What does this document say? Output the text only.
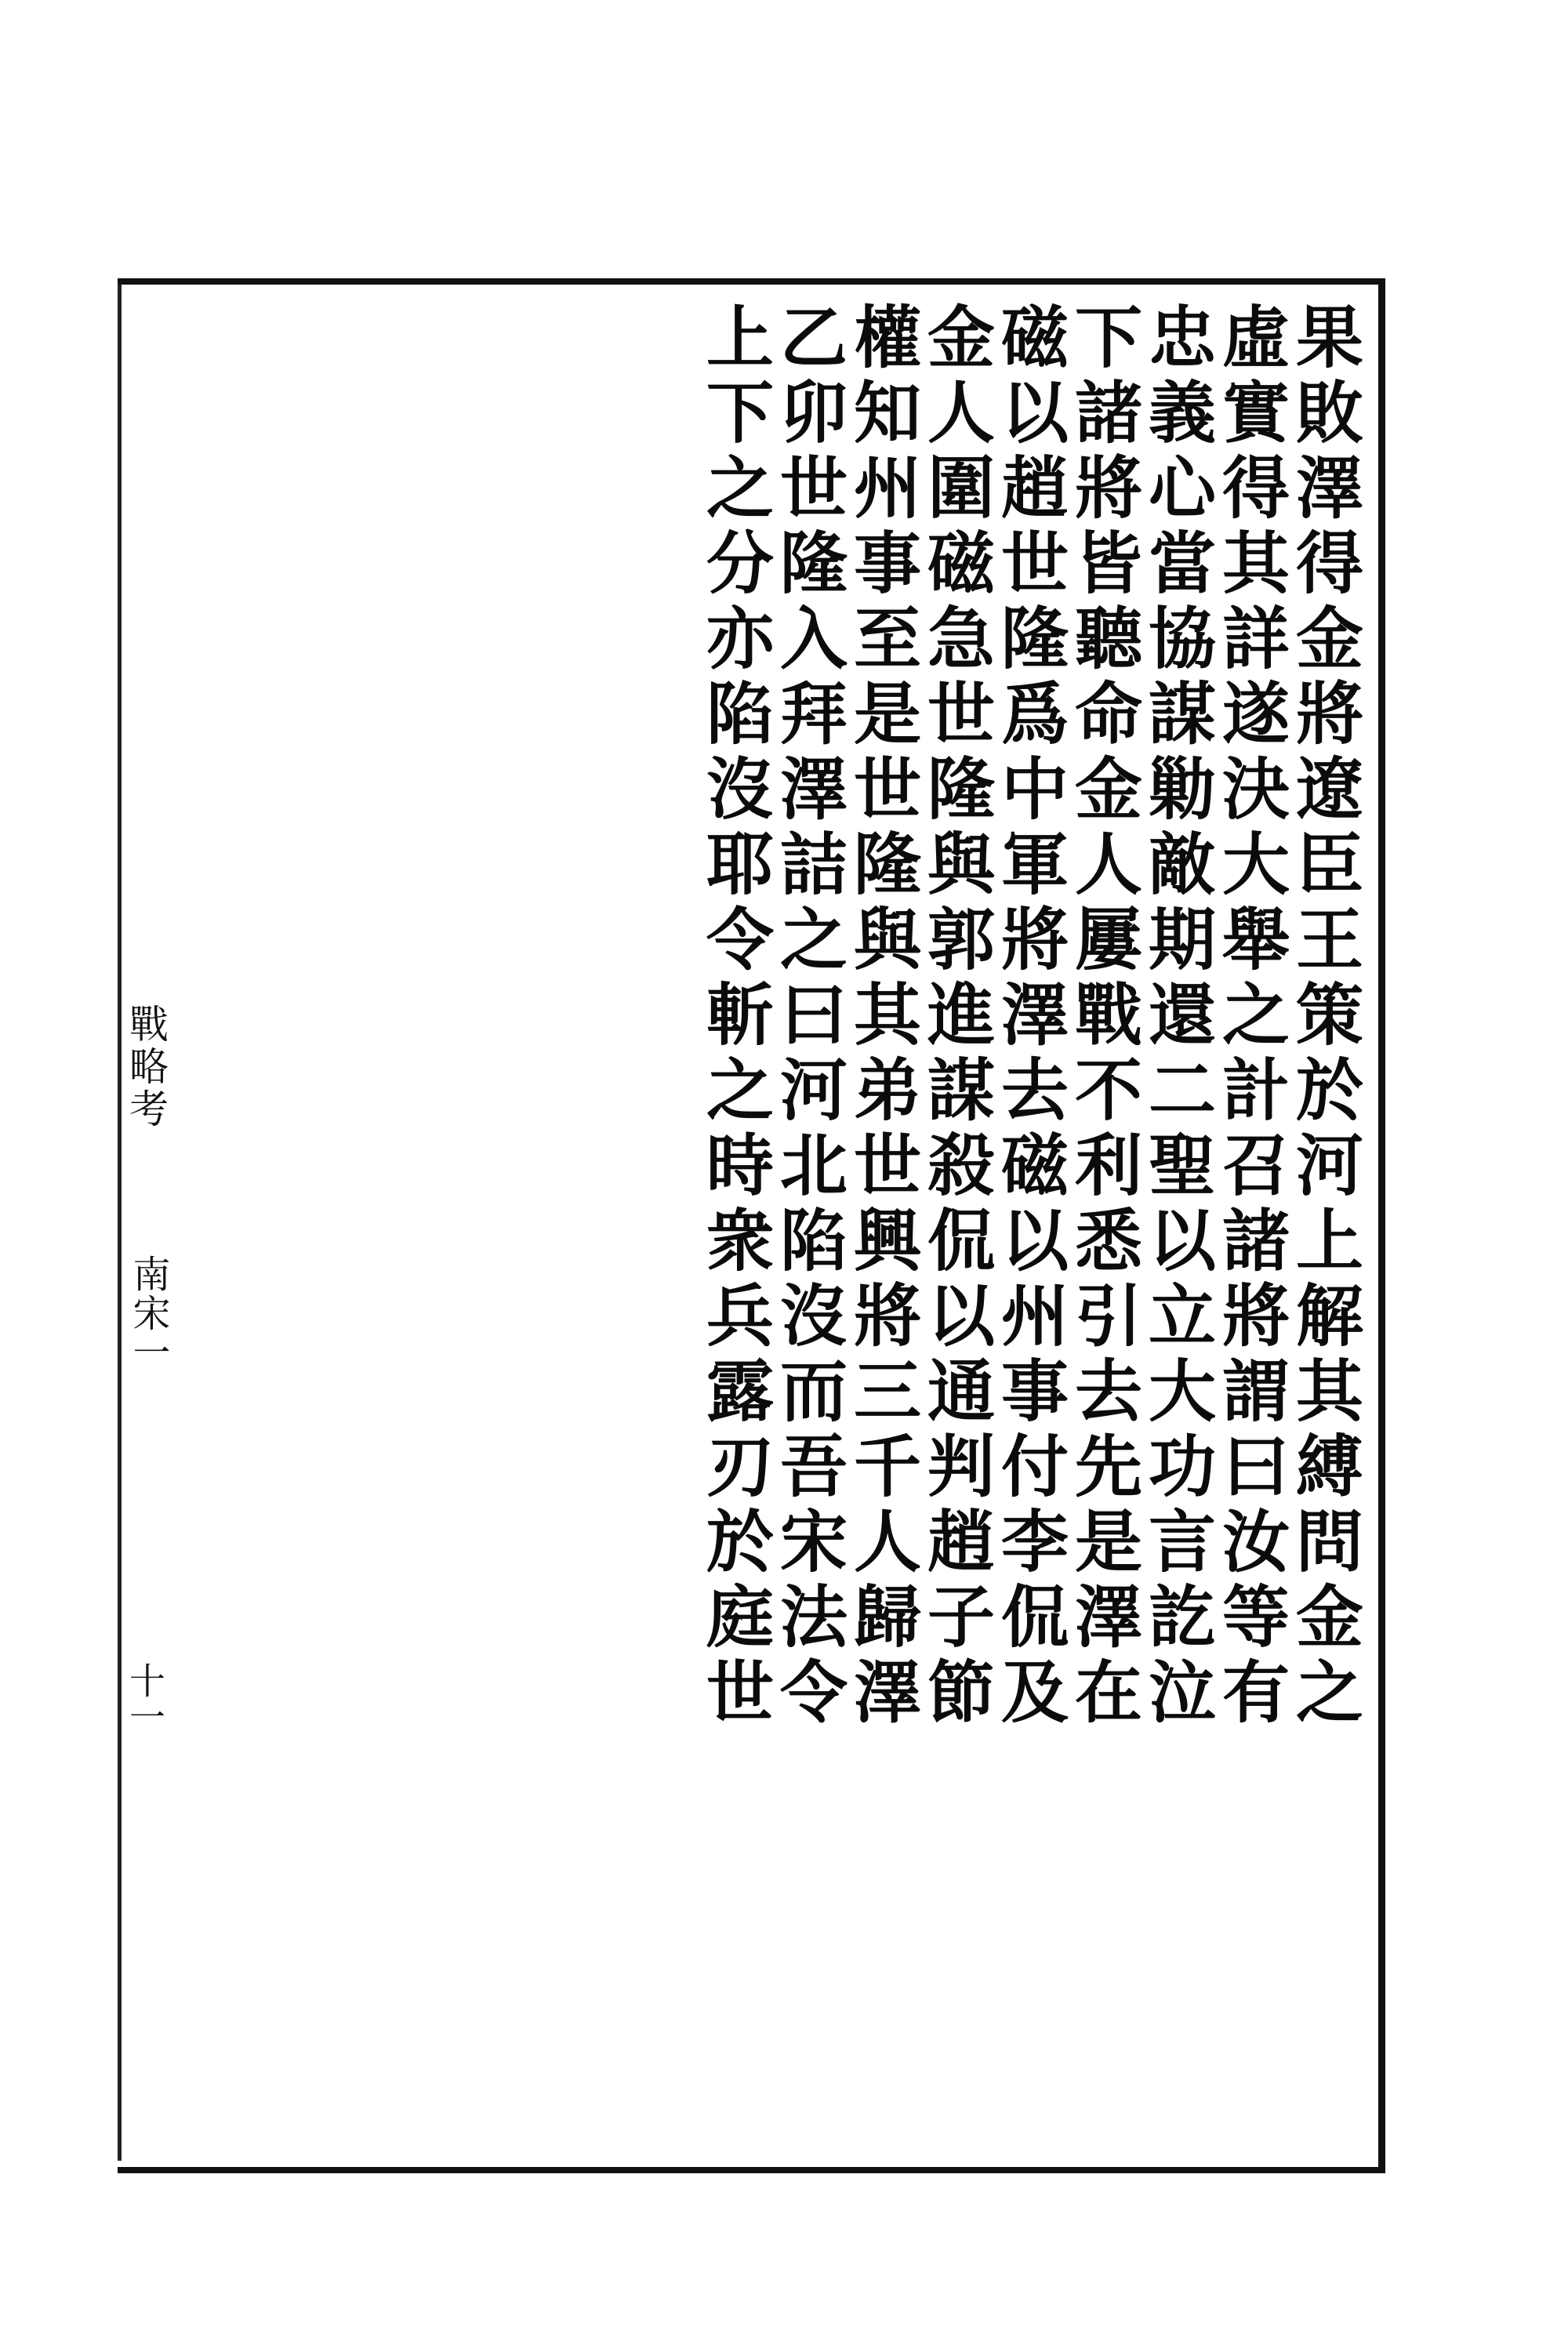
戰略考
南宋一
十一	果敗澤得金將遼臣王策於河上解其縛問金之
虛實得其詳遂決大舉之計召諸將謂曰汝等有
忠義心當協謀勦敵期還二聖以立大功言訖泣
下諸將皆聽命金人屢戰不利悉引去先是澤在
磁以趙世隆爲中軍將澤去磁以州事付李侃及
金人圍磁急世隆與郭進謀殺侃以通判趙子節
權知州事至是世隆與其弟世興將三千人歸澤
乙卯世隆入拜澤詰之曰河北陷沒而吾宋法令
上下之分亦陷沒耶令斬之時衆兵露刃於庭世
